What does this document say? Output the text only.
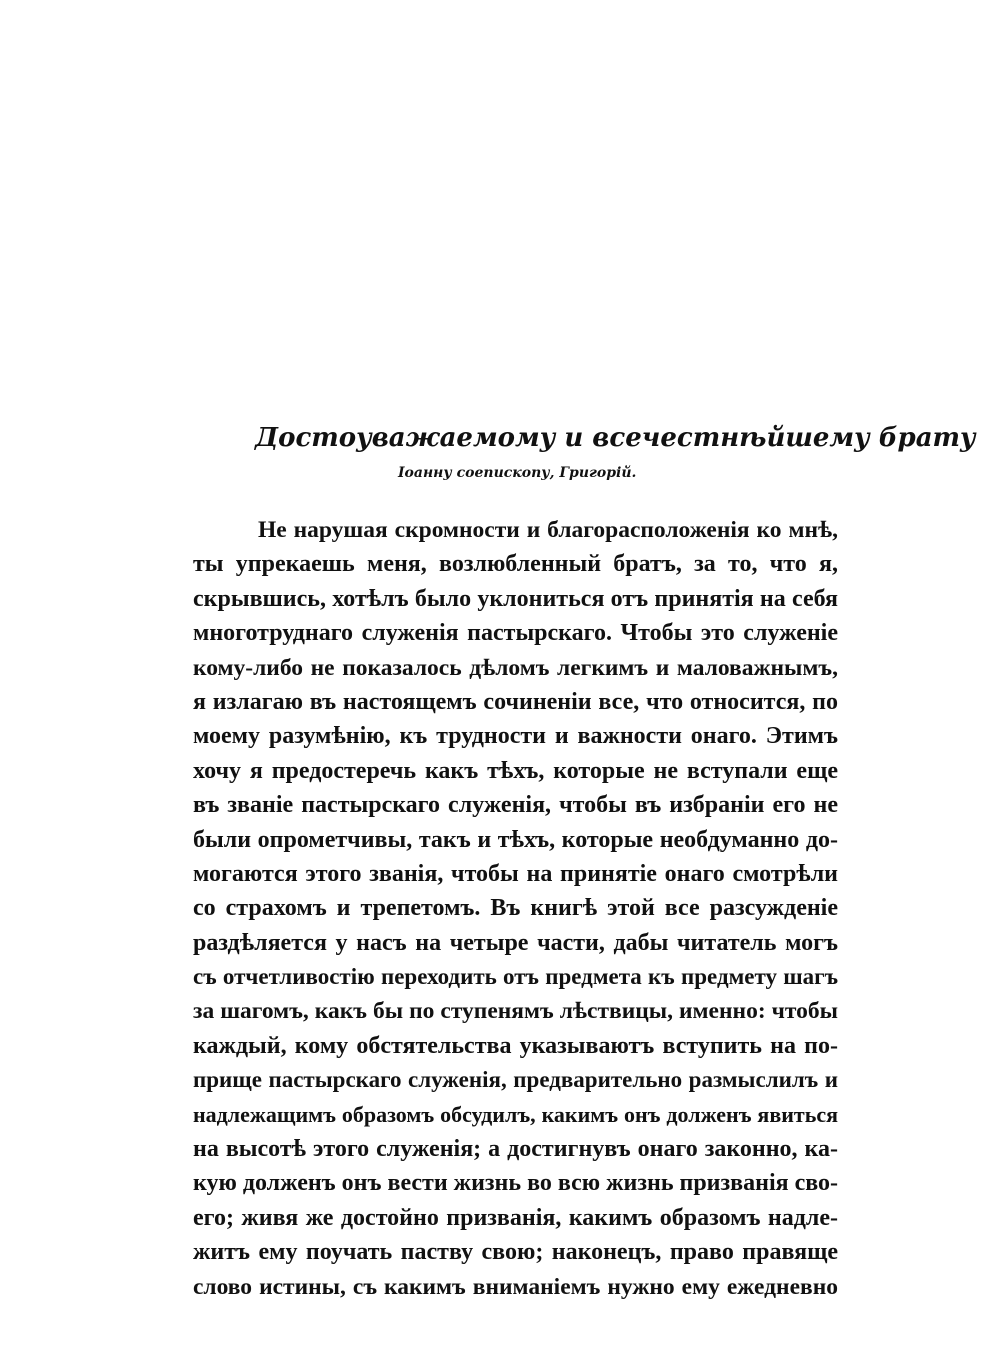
Достоуважаемому и всечестнѣйшему брату
Іоанну соепископу, Григорій.
Не нарушая скромности и благорасположенія ко мнѣ,
ты упрекаешь меня, возлюбленный братъ, за то, что я,
скрывшись, хотѣлъ было уклониться отъ принятія на себя
многотруднаго служенія пастырскаго. Чтобы это служеніе
кому-либо не показалось дѣломъ легкимъ и маловажнымъ,
я излагаю въ настоящемъ сочиненіи все, что относится, по
моему разумѣнію, къ трудности и важности онаго. Этимъ
хочу я предостеречь какъ тѣхъ, которые не вступали еще
въ званіе пастырскаго служенія, чтобы въ избраніи его не
были опрометчивы, такъ и тѣхъ, которые необдуманно до-
могаются этого званія, чтобы на принятіе онаго смотрѣли
со страхомъ и трепетомъ. Въ книгѣ этой все разсужденіе
раздѣляется у насъ на четыре части, дабы читатель могъ
съ отчетливостію переходить отъ предмета къ предмету шагъ
за шагомъ, какъ бы по ступенямъ лѣствицы, именно: чтобы
каждый, кому обстятельства указываютъ вступить на по-
прище пастырскаго служенія, предварительно размыслилъ и
надлежащимъ образомъ обсудилъ, какимъ онъ долженъ явиться
на высотѣ этого служенія; а достигнувъ онаго законно, ка-
кую долженъ онъ вести жизнь во всю жизнь призванія сво-
его; живя же достойно призванія, какимъ образомъ надле-
житъ ему поучать паству свою; наконецъ, право правяще
слово истины, съ какимъ вниманіемъ нужно ему ежедневно
